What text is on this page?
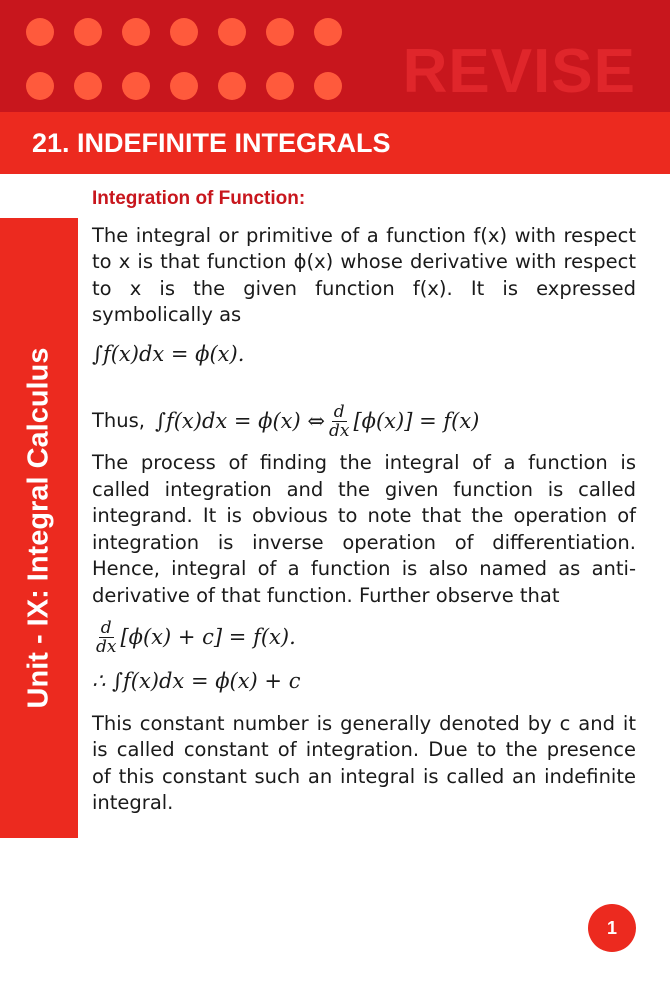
REVISE
21. INDEFINITE INTEGRALS
Unit - IX: Integral Calculus
Integration of Function:

The integral or primitive of a function f(x) with respect to x is that function ϕ(x) whose derivative with respect to x is the given function f(x). It is expressed symbolically as

∫f(x)dx = ϕ(x).
Thus, ∫f(x)dx = ϕ(x) ⇔ $\frac{d}{dx} [\phi(x)] = f(x)$

The process of finding the integral of a function is called integration and the given function is called integrand. It is obvious to note that the operation of integration is inverse operation of differentiation. Hence, integral of a function is also named as anti-derivative of that function. Further observe that

$\frac{d}{dx} [\phi(x) + c] = f(x)$.
∴ ∫f(x)dx = ϕ(x) + c

This constant number is generally denoted by c and it is called constant of integration. Due to the presence of this constant such an integral is called an indefinite integral.

1
